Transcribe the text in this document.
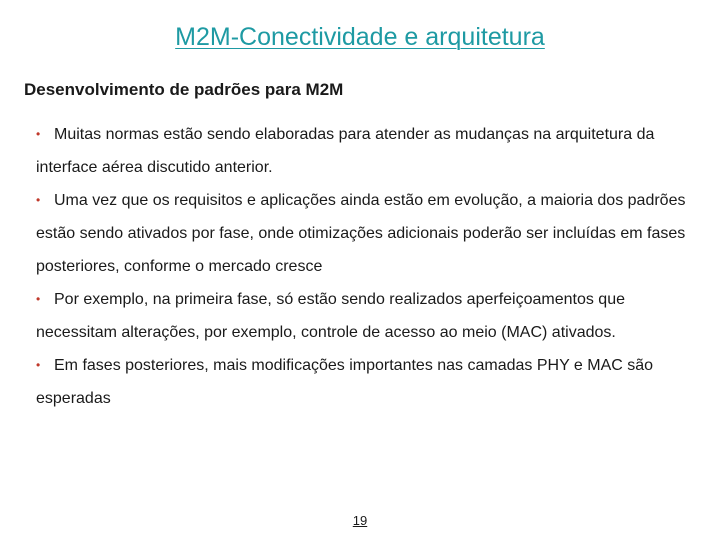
M2M-Conectividade e arquitetura
Desenvolvimento de padrões para M2M
• Muitas normas estão sendo elaboradas para atender as mudanças na arquitetura da interface aérea discutido anterior.
• Uma vez que os requisitos e aplicações ainda estão em evolução, a maioria dos padrões estão sendo ativados por fase, onde otimizações adicionais poderão ser incluídas em fases posteriores, conforme o mercado cresce
• Por exemplo, na primeira fase, só estão sendo realizados aperfeiçoamentos que necessitam alterações, por exemplo, controle de acesso ao meio (MAC) ativados.
• Em fases posteriores, mais modificações importantes nas camadas PHY e MAC são esperadas
19
